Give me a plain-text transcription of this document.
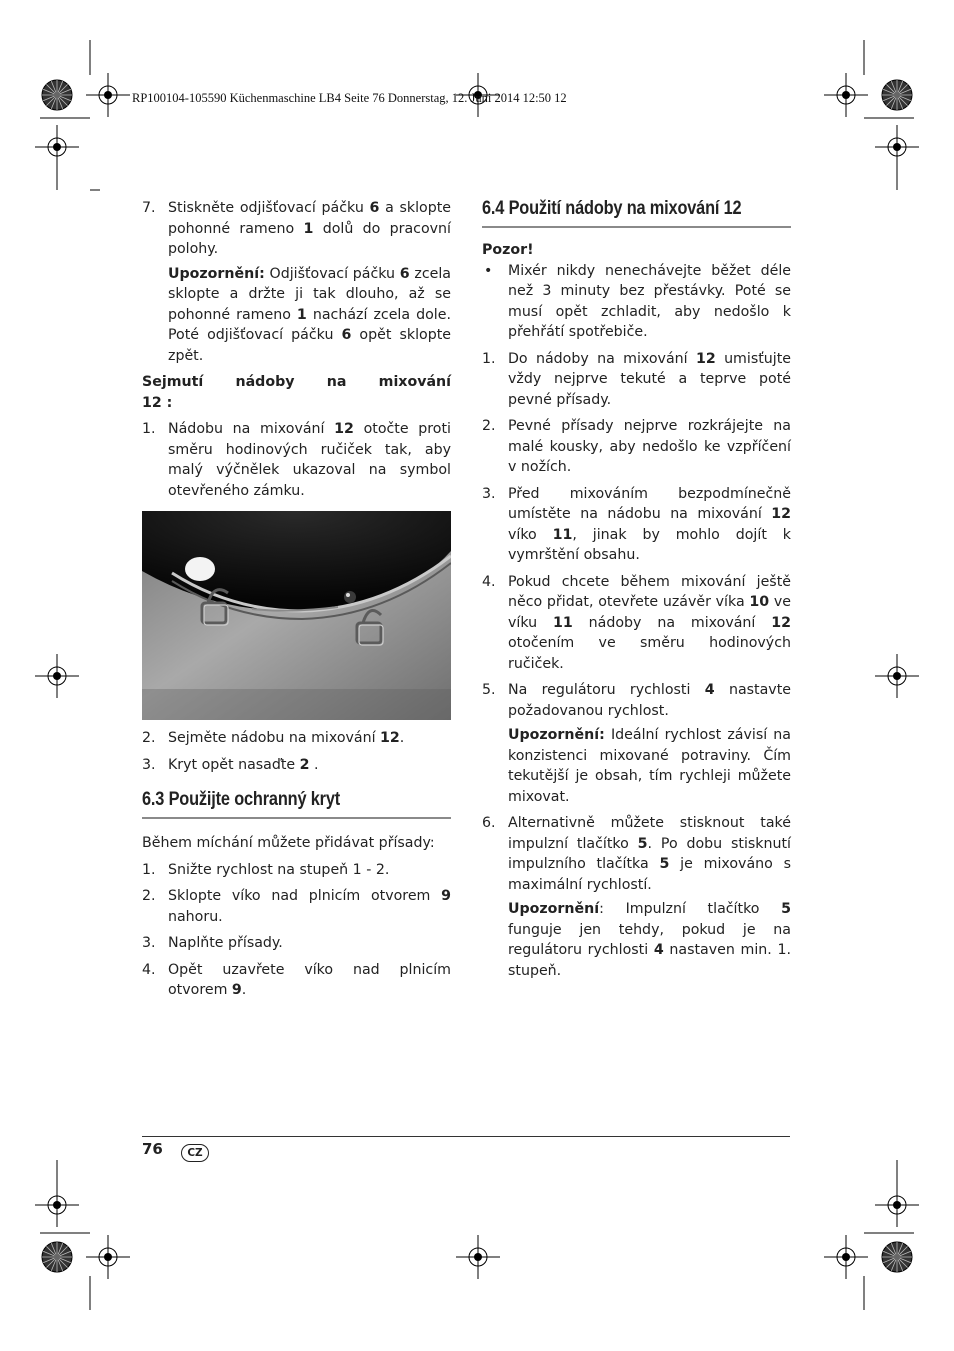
RP100104-105590 Küchenmaschine LB4 Seite 76 Donnerstag, 12. Juni 2014 12:50 12

7. Stiskněte odjišťovací páčku 6 a sklopte pohonné rameno 1 dolů do pracovní polohy.

Upozornění: Odjišťovací páčku 6 zcela sklopte a držte ji tak dlouho, až se pohonné rameno 1 nachází zcela dole. Poté odjišťovací páčku 6 opět sklopte zpět.

Sejmutí nádoby na mixování

12 :

1. Nádobu na mixování 12 otočte proti směru hodinových ručiček tak, aby malý výčnělek ukazoval na symbol otevřeného zámku.

2. Sejměte nádobu na mixování 12.

3. Kryt opět nasaďte 2 .

6.3 Použijte ochranný kryt

Během míchání můžete přidávat přísady:

1. Snižte rychlost na stupeň 1 - 2.

2. Sklopte víko nad plnicím otvorem 9 nahoru.

3. Naplňte přísady.

4. Opět uzavřete víko nad plnicím otvorem 9.

6.4 Použití nádoby na mixování 12

Pozor!

• Mixér nikdy nenechávejte běžet déle než 3 minuty bez přestávky. Poté se musí opět zchladit, aby nedošlo k přehřátí spotřebiče.

1. Do nádoby na mixování 12 umisťujte vždy nejprve tekuté a teprve poté pevné přísady.

2. Pevné přísady nejprve rozkrájejte na malé kousky, aby nedošlo ke vzpříčení v nožích.

3. Před mixováním bezpodmínečně umístěte na nádobu na mixování 12 víko 11, jinak by mohlo dojít k vymrštění obsahu.

4. Pokud chcete během mixování ještě něco přidat, otevřete uzávěr víka 10 ve víku 11 nádoby na mixování 12 otočením ve směru hodinových ručiček.

5. Na regulátoru rychlosti 4 nastavte požadovanou rychlost.

Upozornění: Ideální rychlost závisí na konzistenci mixované potraviny. Čím tekutější je obsah, tím rychleji můžete mixovat.

6. Alternativně můžete stisknout také impulzní tlačítko 5. Po dobu stisknutí impulzního tlačítka 5 je mixováno s maximální rychlostí.

Upozornění: Impulzní tlačítko 5 funguje jen tehdy, pokud je na regulátoru rychlosti 4 nastaven min. 1. stupeň.

76	CZ
